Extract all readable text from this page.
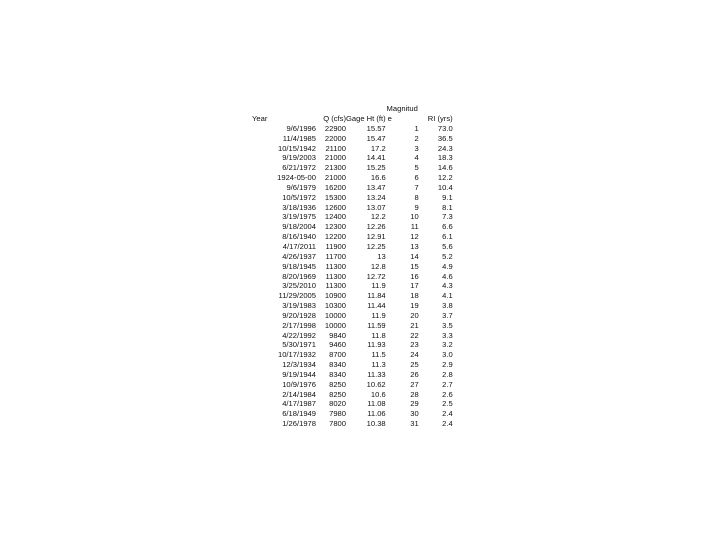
			Magnitud	
Year	Q (cfs)	Gage Ht (ft)	e	RI (yrs)
9/6/1996	22900	15.57	1	73.0
11/4/1985	22000	15.47	2	36.5
10/15/1942	21100	17.2	3	24.3
9/19/2003	21000	14.41	4	18.3
6/21/1972	21300	15.25	5	14.6
1924-05-00	21000	16.6	6	12.2
9/6/1979	16200	13.47	7	10.4
10/5/1972	15300	13.24	8	9.1
3/18/1936	12600	13.07	9	8.1
3/19/1975	12400	12.2	10	7.3
9/18/2004	12300	12.26	11	6.6
8/16/1940	12200	12.91	12	6.1
4/17/2011	11900	12.25	13	5.6
4/26/1937	11700	13	14	5.2
9/18/1945	11300	12.8	15	4.9
8/20/1969	11300	12.72	16	4.6
3/25/2010	11300	11.9	17	4.3
11/29/2005	10900	11.84	18	4.1
3/19/1983	10300	11.44	19	3.8
9/20/1928	10000	11.9	20	3.7
2/17/1998	10000	11.59	21	3.5
4/22/1992	9840	11.8	22	3.3
5/30/1971	9460	11.93	23	3.2
10/17/1932	8700	11.5	24	3.0
12/3/1934	8340	11.3	25	2.9
9/19/1944	8340	11.33	26	2.8
10/9/1976	8250	10.62	27	2.7
2/14/1984	8250	10.6	28	2.6
4/17/1987	8020	11.08	29	2.5
6/18/1949	7980	11.06	30	2.4
1/26/1978	7800	10.38	31	2.4
